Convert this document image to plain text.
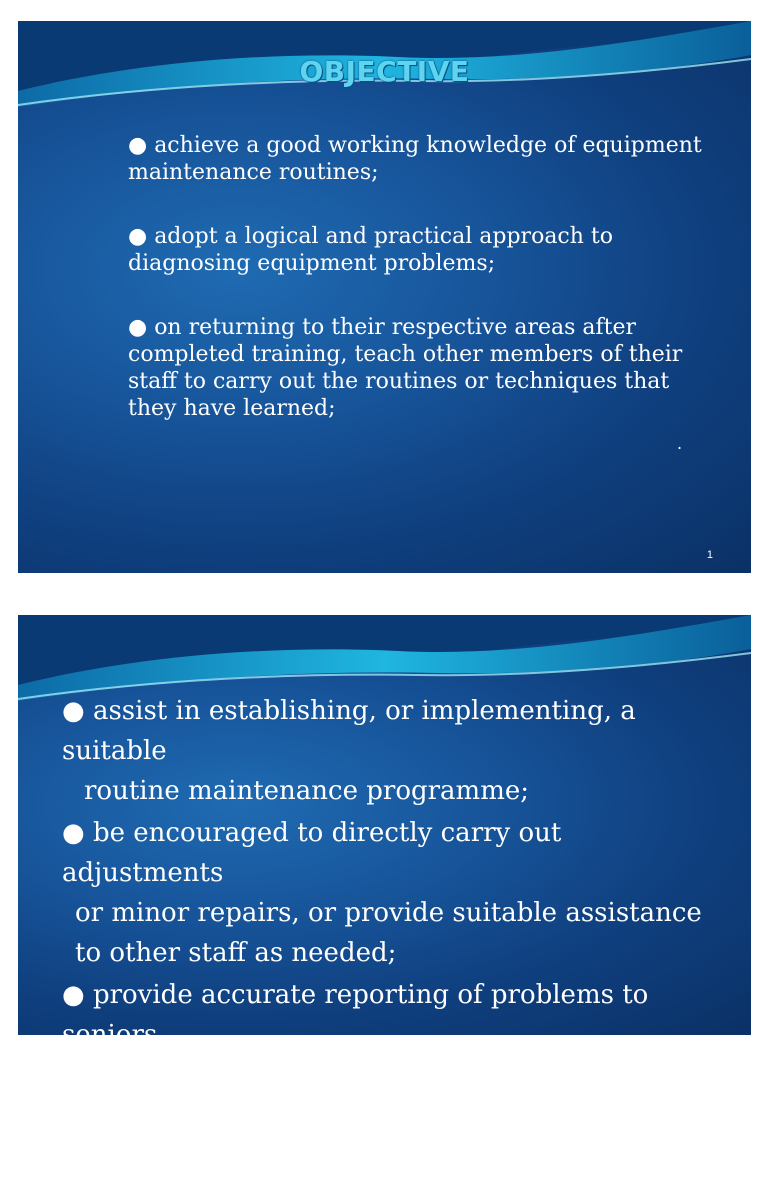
OBJECTIVE
● achieve a good working knowledge of equipment maintenance routines;
● adopt a logical and practical approach to diagnosing equipment problems;
● on returning to their respective areas after completed training, teach other members of their staff to carry out the routines or techniques that they have learned;
.
1
● assist in establishing, or implementing, a suitable
routine maintenance programme;
● be encouraged to directly carry out adjustments
or minor repairs, or provide suitable assistance to other staff as needed;
● provide accurate reporting of problems to seniors
or service engineers;
● assist in establishing criteria for equipment
replacement, where it is not cost effective to
